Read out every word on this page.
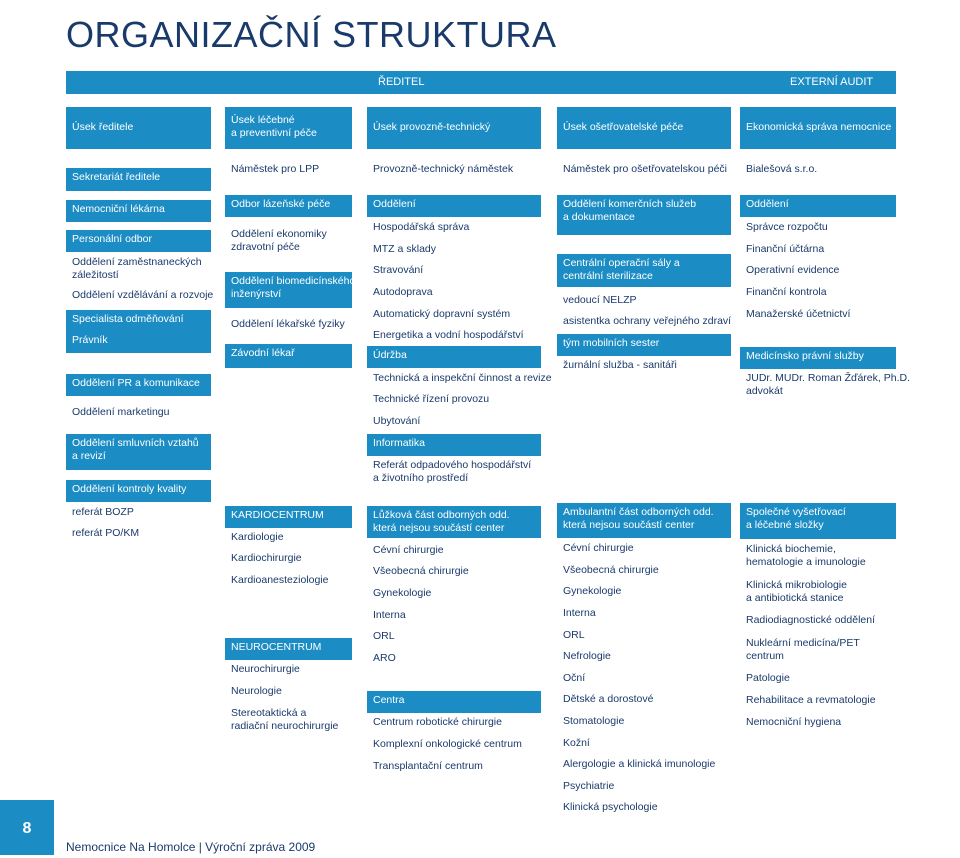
ORGANIZAČNÍ STRUKTURA
ŘEDITEL	EXTERNÍ AUDIT
Úsek ředitele
Sekretariát ředitele
Nemocniční lékárna
Personální odbor
Oddělení zaměstnaneckých
záležitostí
Oddělení vzdělávání a rozvoje
Specialista odměňování
Právník
Oddělení PR a komunikace
Oddělení marketingu
Oddělení smluvních vztahů
a revizí
Oddělení kontroly kvality
referát BOZP
referát PO/KM
Úsek léčebné
a preventivní péče
Náměstek pro LPP
Odbor lázeňské péče
Oddělení ekonomiky
zdravotní péče
Oddělení biomedicínského
inženýrství
Oddělení lékařské fyziky
Závodní lékař
KARDIOCENTRUM
Kardiologie
Kardiochirurgie
Kardioanesteziologie
NEUROCENTRUM
Neurochirurgie
Neurologie
Stereotaktická a
radiační neurochirurgie
Úsek provozně-technický
Provozně-technický náměstek
Oddělení
Hospodářská správa
MTZ a sklady
Stravování
Autodoprava
Automatický dopravní systém
Energetika a vodní hospodářství
Údržba
Technická a inspekční činnost a revize
Technické řízení provozu
Ubytování
Informatika
Referát odpadového hospodářství
a životního prostředí
Lůžková část odborných odd.
která nejsou součástí center
Cévní chirurgie
Všeobecná chirurgie
Gynekologie
Interna
ORL
ARO
Centra
Centrum robotické chirurgie
Komplexní onkologické centrum
Transplantační centrum
Úsek ošetřovatelské péče
Náměstek pro ošetřovatelskou péči
Oddělení komerčních služeb
a dokumentace
Centrální operační sály a
centrální sterilizace
vedoucí NELZP
asistentka ochrany veřejného zdraví
tým mobilních sester
žurnální služba - sanitáři
Ambulantní část odborných odd.
která nejsou součástí center
Cévní chirurgie
Všeobecná chirurgie
Gynekologie
Interna
ORL
Nefrologie
Oční
Dětské a dorostové
Stomatologie
Kožní
Alergologie a klinická imunologie
Psychiatrie
Klinická psychologie
Ekonomická správa nemocnice
Bialešová s.r.o.
Oddělení
Správce rozpočtu
Finanční účtárna
Operativní evidence
Finanční kontrola
Manažerské účetnictví
Medicínsko právní služby
JUDr. MUDr. Roman Žďárek, Ph.D.
advokát
Společné vyšetřovací
a léčebné složky
Klinická biochemie,
hematologie a imunologie
Klinická mikrobiologie
a antibiotická stanice
Radiodiagnostické oddělení
Nukleární medicína/PET
centrum
Patologie
Rehabilitace a revmatologie
Nemocniční hygiena
8
Nemocnice Na Homolce | Výroční zpráva 2009
